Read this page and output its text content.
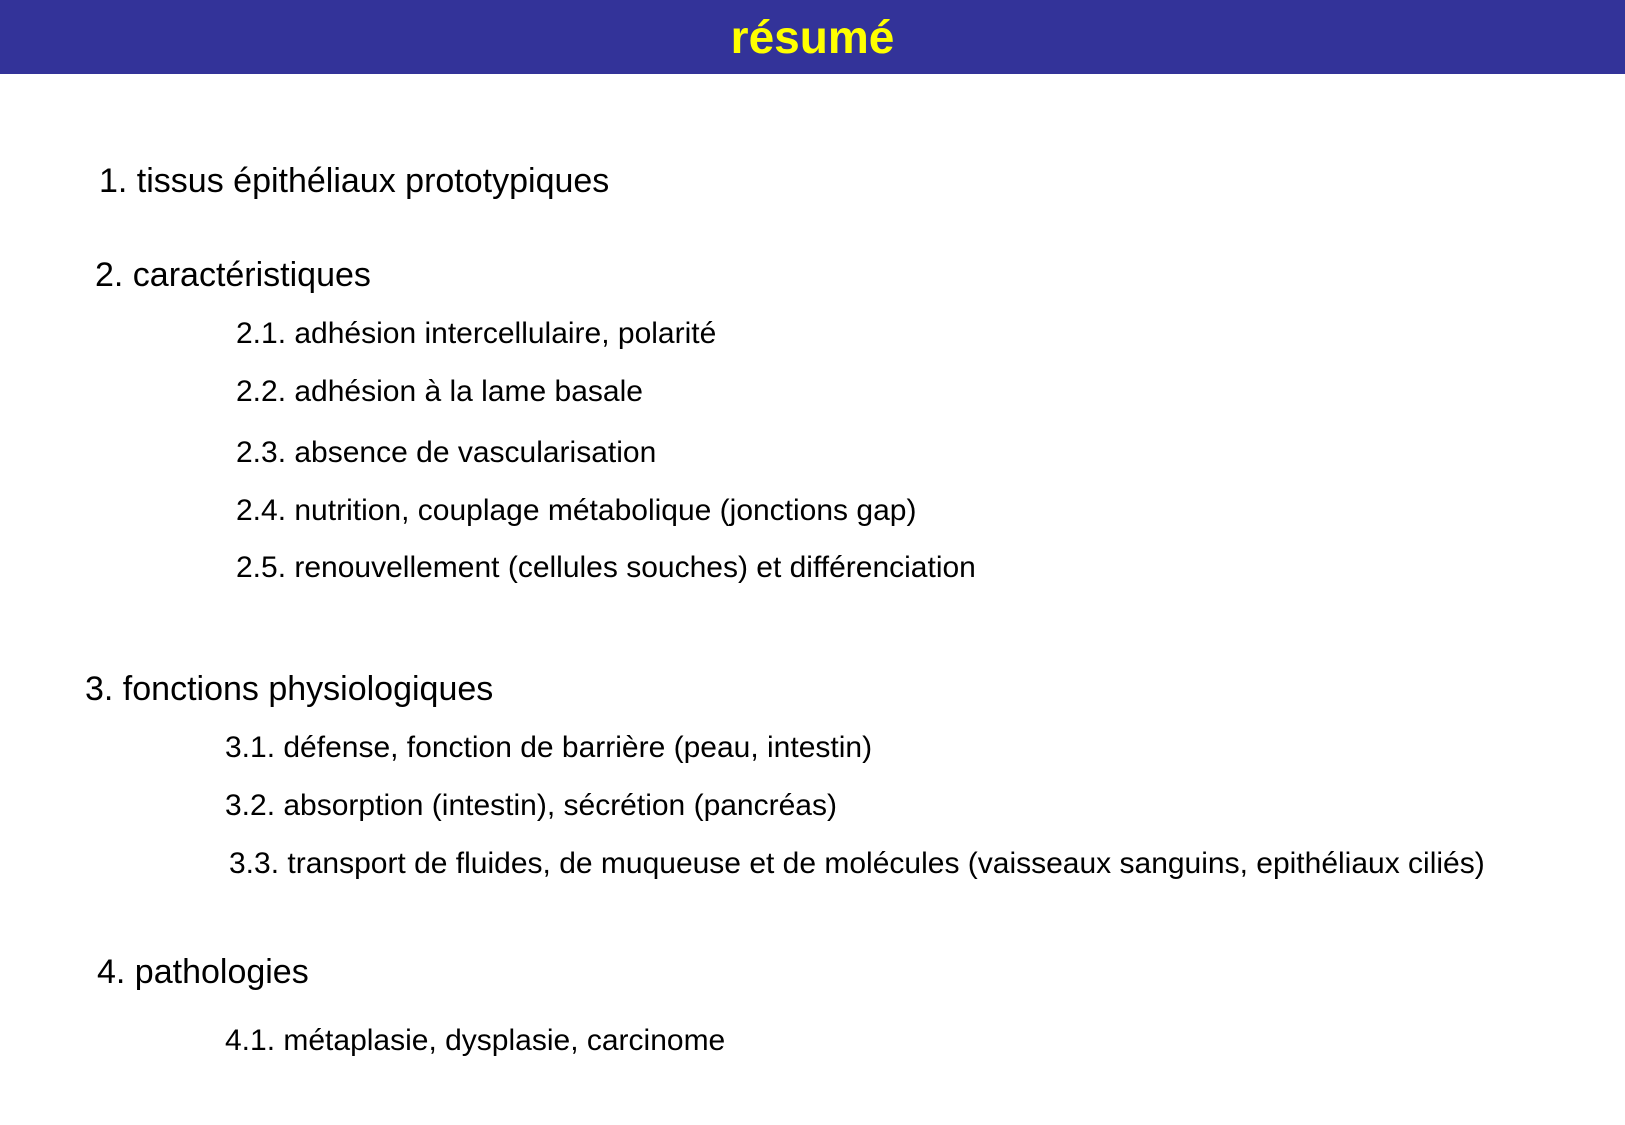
résumé
1. tissus épithéliaux prototypiques
2. caractéristiques
2.1. adhésion intercellulaire, polarité
2.2. adhésion à la lame basale
2.3. absence de vascularisation
2.4. nutrition, couplage métabolique (jonctions gap)
2.5. renouvellement (cellules souches) et différenciation
3. fonctions physiologiques
3.1. défense, fonction de barrière (peau, intestin)
3.2. absorption (intestin), sécrétion (pancréas)
3.3. transport de fluides, de muqueuse et de molécules (vaisseaux sanguins, epithéliaux ciliés)
4. pathologies
4.1. métaplasie, dysplasie, carcinome
